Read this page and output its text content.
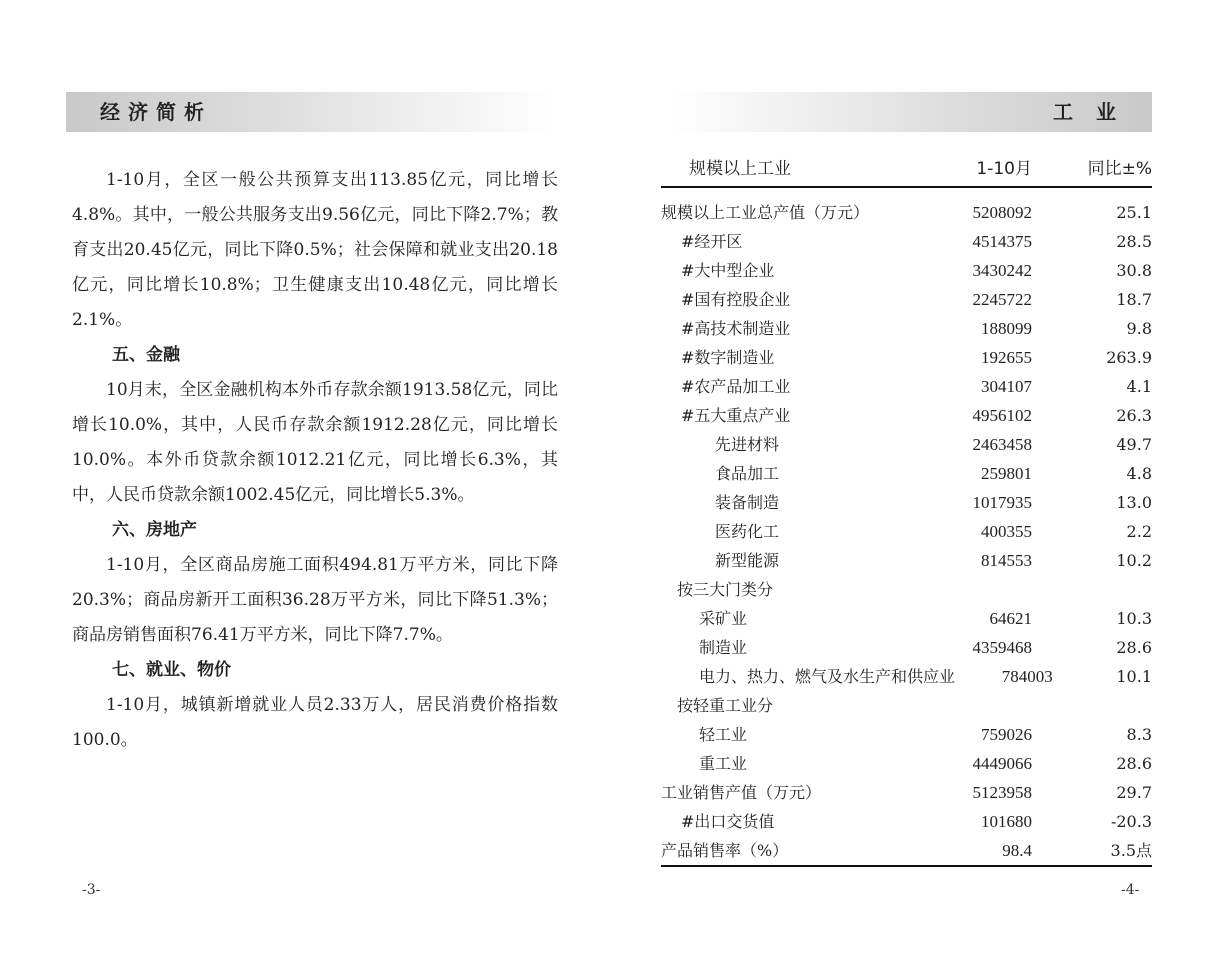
经济简析

1-10月，全区一般公共预算支出113.85亿元，同比增长4.8%。其中，一般公共服务支出9.56亿元，同比下降2.7%；教育支出20.45亿元，同比下降0.5%；社会保障和就业支出20.18亿元，同比增长10.8%；卫生健康支出10.48亿元，同比增长2.1%。

五、金融

10月末，全区金融机构本外币存款余额1913.58亿元，同比增长10.0%，其中，人民币存款余额1912.28亿元，同比增长10.0%。本外币贷款余额1012.21亿元，同比增长6.3%，其中，人民币贷款余额1002.45亿元，同比增长5.3%。

六、房地产

1-10月，全区商品房施工面积494.81万平方米，同比下降20.3%；商品房新开工面积36.28万平方米，同比下降51.3%；商品房销售面积76.41万平方米，同比下降7.7%。

七、就业、物价

1-10月，城镇新增就业人员2.33万人，居民消费价格指数100.0。

-3-
工 业
规模以上工业	1-10月	同比±%
规模以上工业总产值（万元）	5208092	25.1
#经开区	4514375	28.5
#大中型企业	3430242	30.8
#国有控股企业	2245722	18.7
#高技术制造业	188099	9.8
#数字制造业	192655	263.9
#农产品加工业	304107	4.1
#五大重点产业	4956102	26.3
先进材料	2463458	49.7
食品加工	259801	4.8
装备制造	1017935	13.0
医药化工	400355	2.2
新型能源	814553	10.2
按三大门类分
采矿业	64621	10.3
制造业	4359468	28.6
电力、热力、燃气及水生产和供应业	784003	10.1
按轻重工业分
轻工业	759026	8.3
重工业	4449066	28.6
工业销售产值（万元）	5123958	29.7
#出口交货值	101680	-20.3
产品销售率（%）	98.4	3.5点
-4-
